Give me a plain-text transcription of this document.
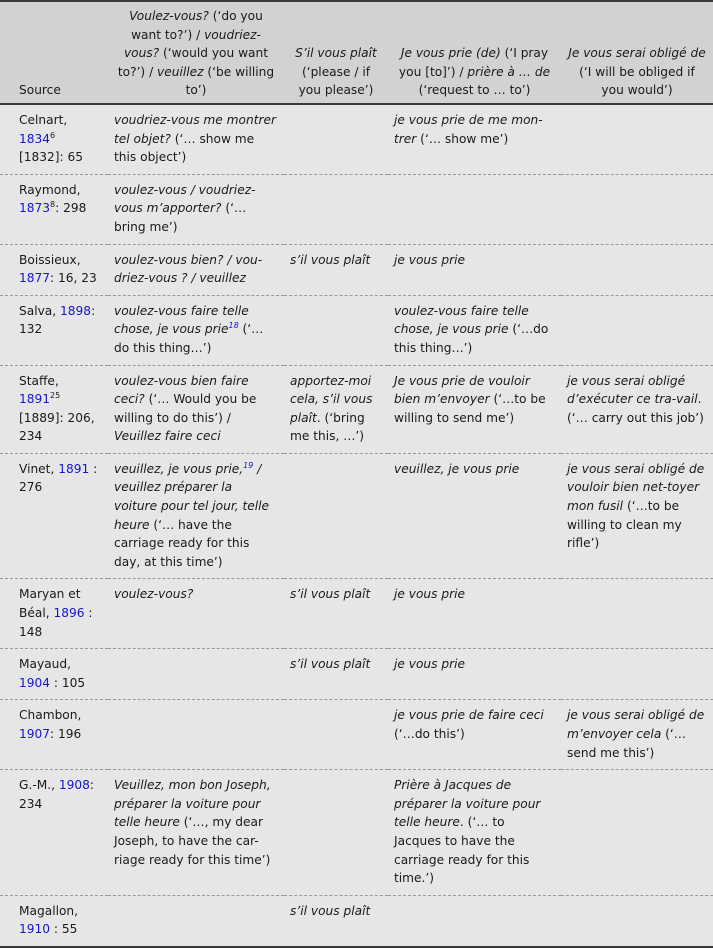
Source	Voulez-vous? (‘do you want to?’) / voudriez-vous? (‘would you want to?’) / veuillez (‘be willing to’)	S’il vous plaît (‘please / if you please’)	Je vous prie (de) (‘I pray you [to]’) / prière à … de (‘request to … to’)	Je vous serai obligé de (‘I will be obliged if you would’)
Celnart, 1834$^6$ [1832]: 65	voudriez-vous me montrer tel objet? (‘… show me this object’)		je vous prie de me mon-trer (‘… show me’)	
Raymond, 1873$^8$: 298	voulez-vous / voudriez-vous m’apporter? (‘… bring me’)			
Boissieux, 1877: 16, 23	voulez-vous bien? / vou-driez-vous ? / veuillez	s’il vous plaît	je vous prie	
Salva, 1898: 132	voulez-vous faire telle chose, je vous prie$^{18}$ (‘… do this thing…’)		voulez-vous faire telle chose, je vous prie (‘…do this thing…’)	
Staffe, 1891$^{25}$ [1889]: 206, 234	voulez-vous bien faire ceci? (‘… Would you be willing to do this’) / Veuillez faire ceci	apportez-moi cela, s’il vous plaît. (‘bring me this, …’)	Je vous prie de vouloir bien m’envoyer (‘…to be willing to send me’)	je vous serai obligé d’exécuter ce tra-vail. (‘… carry out this job’)
Vinet, 1891 : 276	veuillez, je vous prie,$^{19}$ / veuillez préparer la voiture pour tel jour, telle heure (‘… have the carriage ready for this day, at this time’)		veuillez, je vous prie	je vous serai obligé de vouloir bien net-toyer mon fusil (‘…to be willing to clean my rifle’)
Maryan et Béal, 1896 : 148	voulez-vous?	s’il vous plaît	je vous prie	
Mayaud, 1904 : 105		s’il vous plaît	je vous prie	
Chambon, 1907: 196			je vous prie de faire ceci (‘…do this’)	je vous serai obligé de m’envoyer cela (‘…send me this’)
G.-M., 1908: 234	Veuillez, mon bon Joseph, préparer la voiture pour telle heure (‘…, my dear Joseph, to have the car-riage ready for this time’)		Prière à Jacques de préparer la voiture pour telle heure. (‘… to Jacques to have the carriage ready for this time.’)	
Magallon, 1910 : 55		s’il vous plaît		
